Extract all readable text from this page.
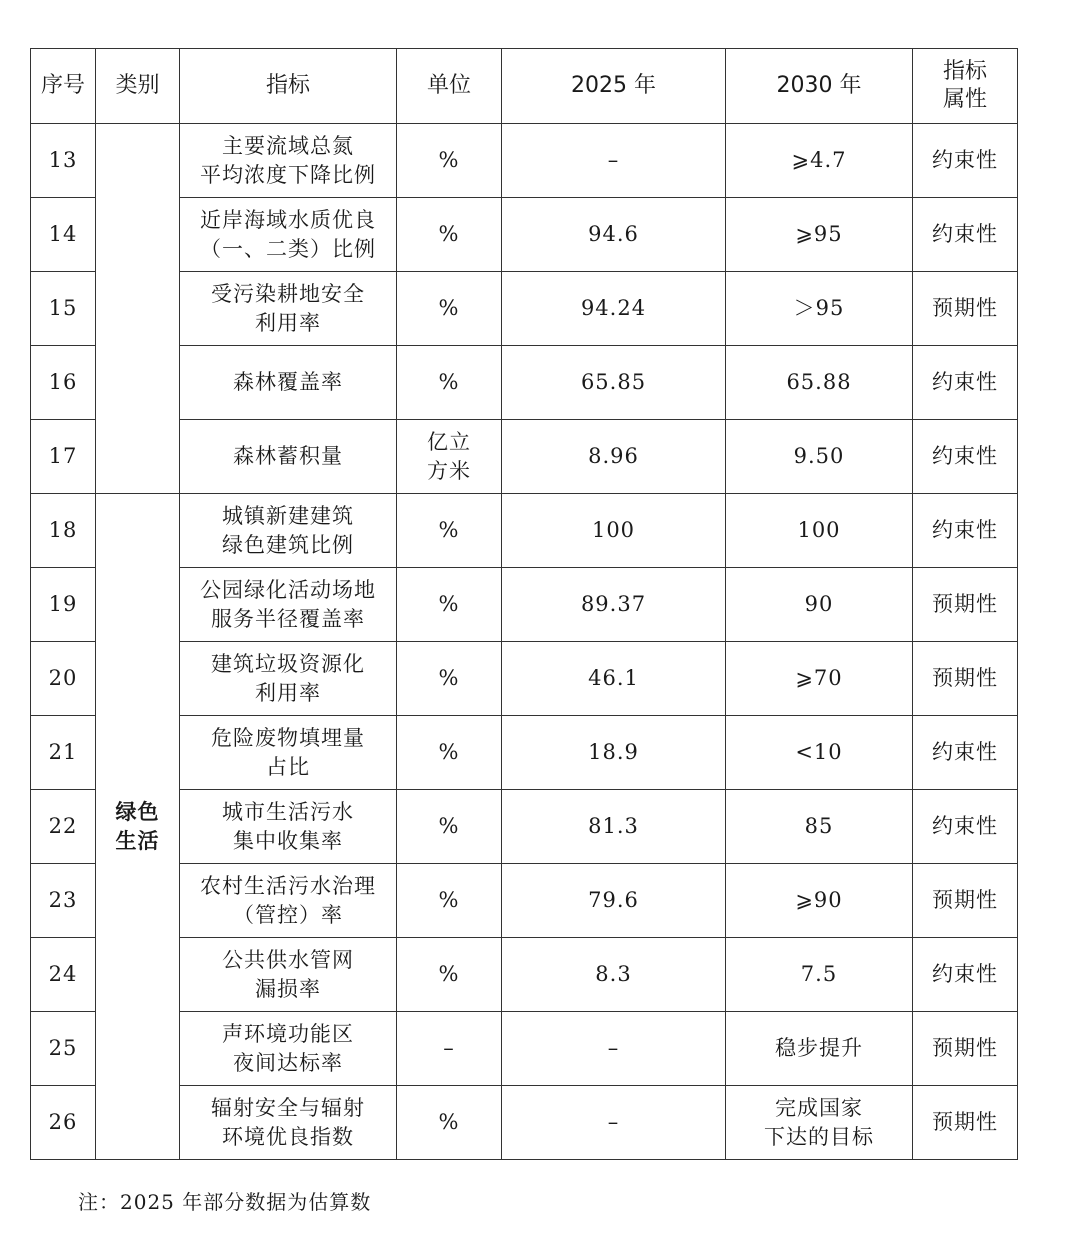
序号	类别	指标	单位	2025 年	2030 年	指标
属性

13		主要流域总氮
平均浓度下降比例	%	–	⩾4.7	约束性
14		近岸海域水质优良
（一、二类）比例	%	94.6	⩾95	约束性
15		受污染耕地安全
利用率	%	94.24	＞95	预期性
16		森林覆盖率	%	65.85	65.88	约束性
17		森林蓄积量	亿立
方米	8.96	9.50	约束性
18	绿色
生活	城镇新建建筑
绿色建筑比例	%	100	100	约束性
19		公园绿化活动场地
服务半径覆盖率	%	89.37	90	预期性
20		建筑垃圾资源化
利用率	%	46.1	⩾70	预期性
21		危险废物填埋量
占比	%	18.9	<10	约束性
22		城市生活污水
集中收集率	%	81.3	85	约束性
23		农村生活污水治理
（管控）率	%	79.6	⩾90	预期性
24		公共供水管网
漏损率	%	8.3	7.5	约束性
25		声环境功能区
夜间达标率	–	–	稳步提升	预期性
26		辐射安全与辐射
环境优良指数	%	–	完成国家
下达的目标	预期性
注：2025 年部分数据为估算数
